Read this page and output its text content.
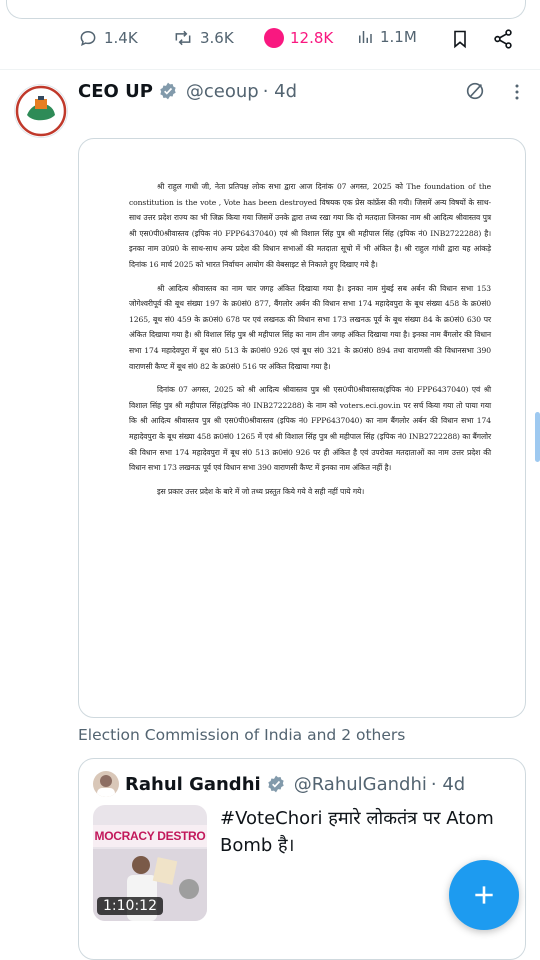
1.4K	3.6K	12.8K	1.1M
CEO UP @ceoup · 4d

श्री राहुल गाधी जी, नेता प्रतिपक्ष लोक सभा द्वारा आज दिनांक 07 अगस्त, 2025 को The foundation of the constitution is the vote , Vote has been destroyed विषयक एक प्रेस कांफ्रेंस की गयी। जिसमें अन्य विषयों के साथ-साथ उत्तर प्रदेश राज्य का भी जिक्र किया गया जिसमें उनके द्वारा तथ्य रखा गया कि दो मतदाता जिनका नाम श्री आदित्य श्रीवास्तव पुत्र श्री एस0पी0श्रीवास्तव (इपिक नं0 FPP6437040) एवं श्री विशाल सिंह पुत्र श्री महीपाल सिंह (इपिक नं0 INB2722288) है। इनका नाम उ0प्र0 के साथ-साथ अन्य प्रदेश की विधान सभाओं की मतदाता सूचो में भी अंकित है। श्री राहुल गांधी द्वारा यह आंकड़े दिनांक 16 मार्च 2025 को भारत निर्वाचन आयोग की वेबसाइट से निकाले हुए दिखाए गये है।

श्री आदित्य श्रीवास्तव का नाम चार जगह अंकित दिखाया गया है। इनका नाम मुंबई सब अर्बन की विधान सभा 153 जोगेश्वरीपूर्व की बूथ संख्या 197 के क्र0सं0 877, बैंगलोर अर्बन की विधान सभा 174 महादेवपुरा के बूथ संख्या 458 के क्र0सं0 1265, बूथ सं0 459 के क्र0सं0 678 पर एवं लखनऊ की विधान सभा 173 लखनऊ पूर्व के बूथ संख्या 84 के क्र0सं0 630 पर अंकित दिखाया गया है। श्री विशाल सिंह पुत्र श्री महीपाल सिंह का नाम तीन जगह अंकित दिखाया गया है। इनका नाम बैंगलोर की विधान सभा 174 महादेवपुरा में बूथ सं0 513 के क्र0सं0 926 एवं बूथ सं0 321 के क्र0सं0 894 तथा वाराणसी की विधानसभा 390 वाराणसी कैण्ट में बूथ सं0 82 के क्र0सं0 516 पर अंकित दिखाया गया है।

दिनांक 07 अगस्त, 2025 को श्री आदित्य श्रीवास्तव पुत्र श्री एस0पी0श्रीवास्तव(इपिक नं0 FPP6437040) एवं श्री विशाल सिंह पुत्र श्री महीपाल सिंह(इपिक नं0 INB2722288) के नाम को voters.eci.gov.in पर सर्च किया गया तो पाया गया कि श्री आदित्य श्रीवास्तव पुत्र श्री एस0पी0श्रीवास्तव (इपिक नं0 FPP6437040) का नाम बैंगलोर अर्बन की विधान सभा 174 महादेवपुरा के बूथ संख्या 458 क्र0सं0 1265 में एवं श्री विशाल सिंह पुत्र श्री महीपाल सिंह (इपिक नं0 INB2722288) का बैंगलोर की विधान सभा 174 महादेवपुरा में बूथ सं0 513 क्र0सं0 926 पर ही अंकित है एवं उपरोक्त मतदाताओं का नाम उत्तर प्रदेश की विधान सभा 173 लखनऊ पूर्व एवं विधान सभा 390 वाराणसी कैण्ट में इनका नाम अंकित नहीं है।

इस प्रकार उत्तर प्रदेश के बारे में जो तथ्य प्रस्तुत किये गये वे सही नहीं पाये गये।

Election Commission of India and 2 others
Rahul Gandhi @RahulGandhi · 4d
MOCRACY DESTRO
1:10:12
#VoteChori हमारे लोकतंत्र पर Atom Bomb है।
